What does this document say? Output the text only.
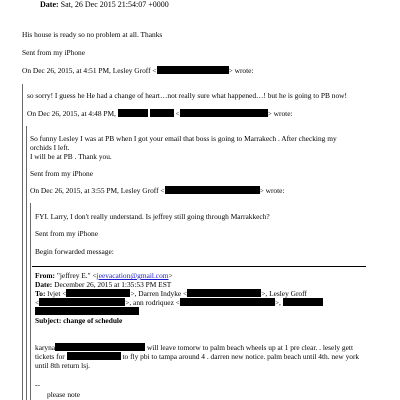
Date: Sat, 26 Dec 2015 21:54:07 +0000
His house is ready so no problem at all. Thanks
Sent from my iPhone
On Dec 26, 2015, at 4:51 PM, Lesley Groff <	> wrote:
so sorry! I guess he He had a change of heart…not really sure what happened…! but he is going to PB now!
On Dec 26, 2015, at 4:48 PM,	<	> wrote:
So funny Lesley I was at PB when I got your email that boss is going to Marrakech . After checking my
orchids I left.
I will be at PB . Thank you.
Sent from my iPhone
On Dec 26, 2015, at 3:55 PM, Lesley Groff <	> wrote:
FYI. Larry, I don't really understand. Is jeffrey still going through Marrakkech?
Sent from my iPhone
Begin forwarded message:
From: "jeffrey E." <jeevacation@gmail.com>
Date: December 26, 2015 at 1:35:53 PM EST
To: lvjet <	>, Darren Indyke <	>, Lesley Groff
<	>, ann rodriquez <	>,
Subject: change of schedule
karyna	will leave tomorw to palm beach wheels up at 1 pre clear. . lesely gett
tickets for	to fly pbi to tampa around 4 . darren new notice. palm beach until 4th. new york
until 8th return lsj.
--
please note
